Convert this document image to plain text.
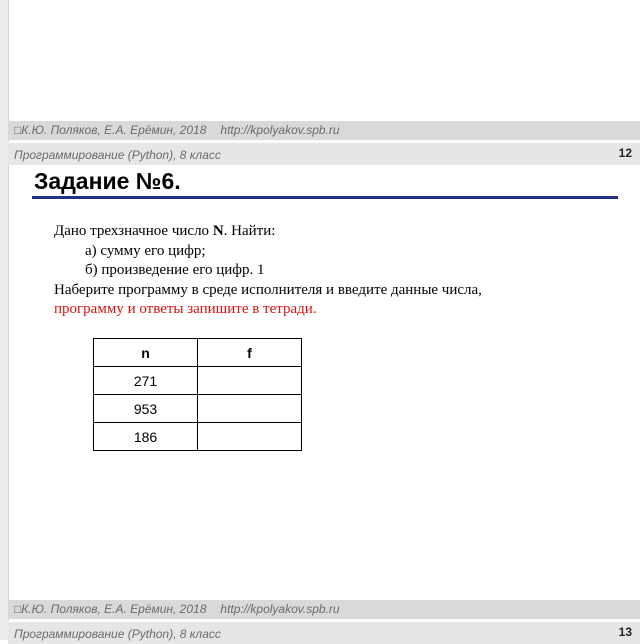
□К.Ю. Поляков, Е.А. Ерёмин, 2018 http://kpolyakov.spb.ru
Программирование (Python), 8 класс	12
Задание №6.
Дано трехзначное число N. Найти:
а) сумму его цифр;
б) произведение его цифр. 1
Наберите программу в среде исполнителя и введите данные числа,
программу и ответы запишите в тетради.
n	f
271	
953	
186	
□К.Ю. Поляков, Е.А. Ерёмин, 2018 http://kpolyakov.spb.ru
Программирование (Python), 8 класс	13
